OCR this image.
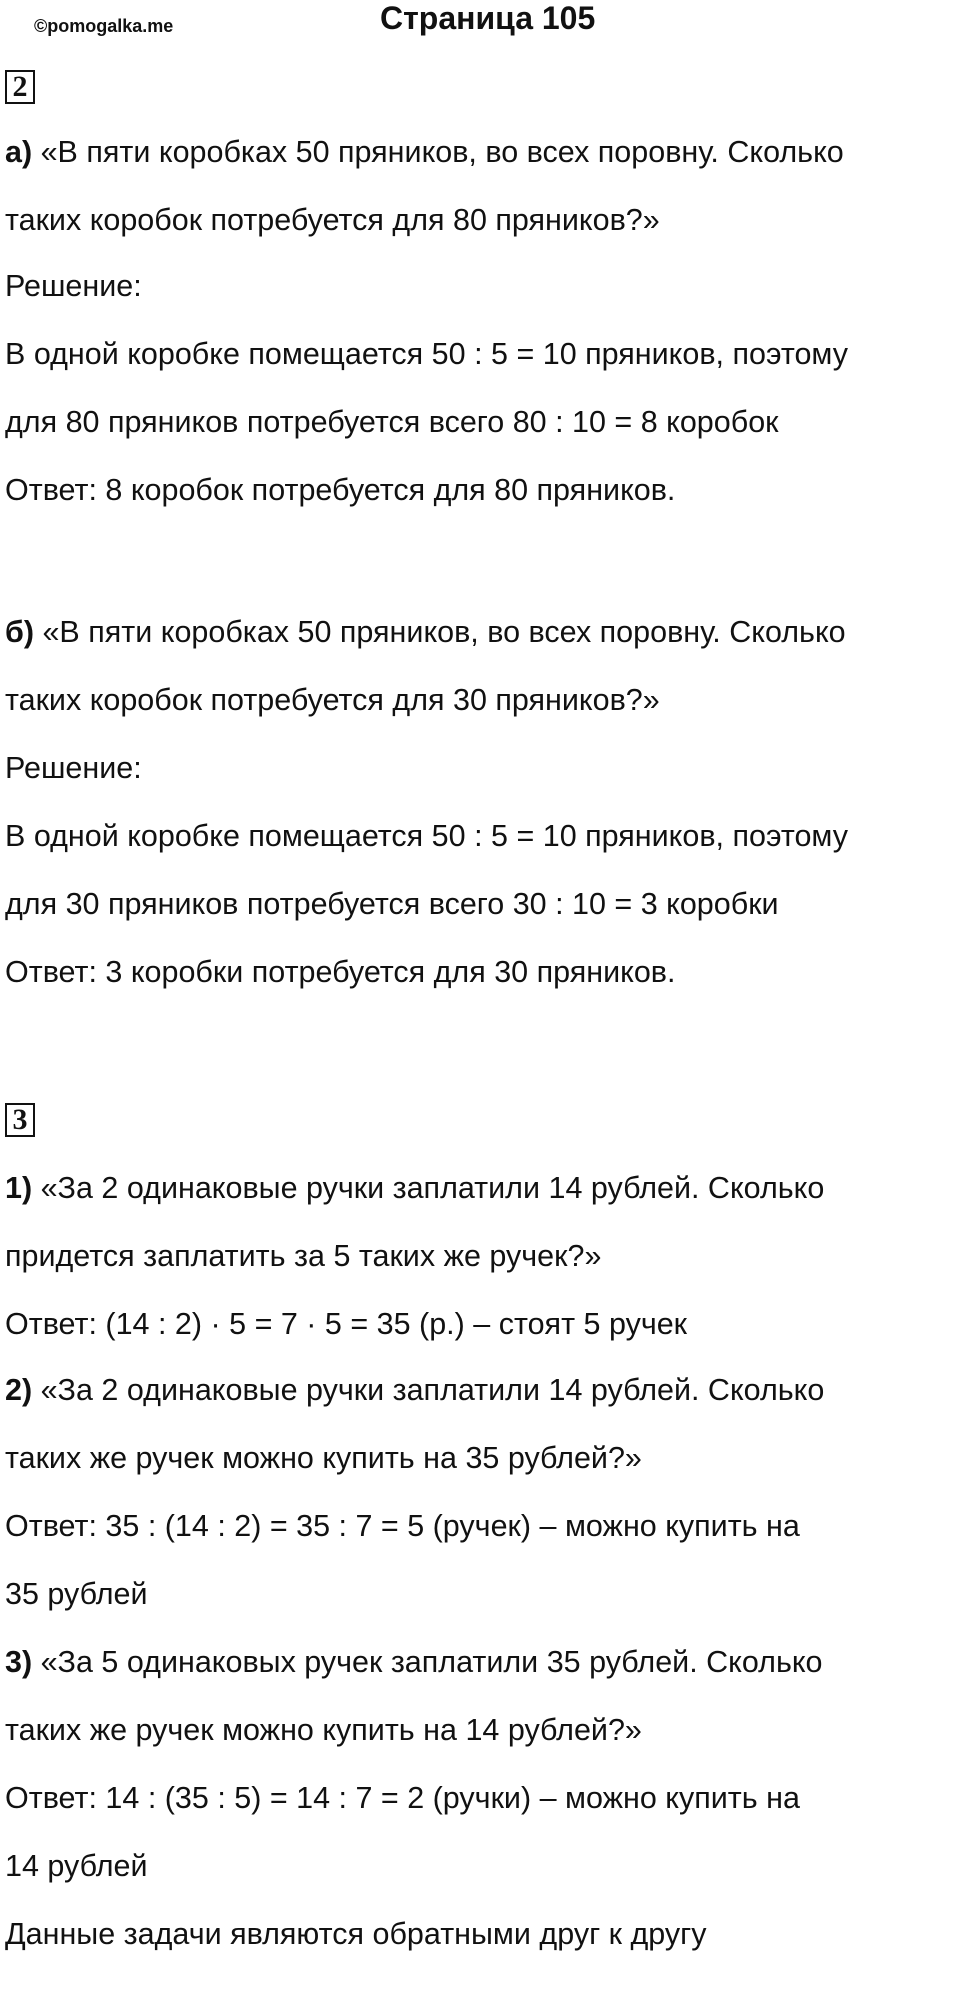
©pomogalka.me	Страница 105
2
а) «В пяти коробках 50 пряников, во всех поровну. Сколько
таких коробок потребуется для 80 пряников?»
Решение:
В одной коробке помещается 50 : 5 = 10 пряников, поэтому
для 80 пряников потребуется всего 80 : 10 = 8 коробок
Ответ: 8 коробок потребуется для 80 пряников.
б) «В пяти коробках 50 пряников, во всех поровну. Сколько
таких коробок потребуется для 30 пряников?»
Решение:
В одной коробке помещается 50 : 5 = 10 пряников, поэтому
для 30 пряников потребуется всего 30 : 10 = 3 коробки
Ответ: 3 коробки потребуется для 30 пряников.
3
1) «За 2 одинаковые ручки заплатили 14 рублей. Сколько
придется заплатить за 5 таких же ручек?»
Ответ: (14 : 2) · 5 = 7 · 5 = 35 (р.) – стоят 5 ручек
2) «За 2 одинаковые ручки заплатили 14 рублей. Сколько
таких же ручек можно купить на 35 рублей?»
Ответ: 35 : (14 : 2) = 35 : 7 = 5 (ручек) – можно купить на
35 рублей
3) «За 5 одинаковых ручек заплатили 35 рублей. Сколько
таких же ручек можно купить на 14 рублей?»
Ответ: 14 : (35 : 5) = 14 : 7 = 2 (ручки) – можно купить на
14 рублей
Данные задачи являются обратными друг к другу
